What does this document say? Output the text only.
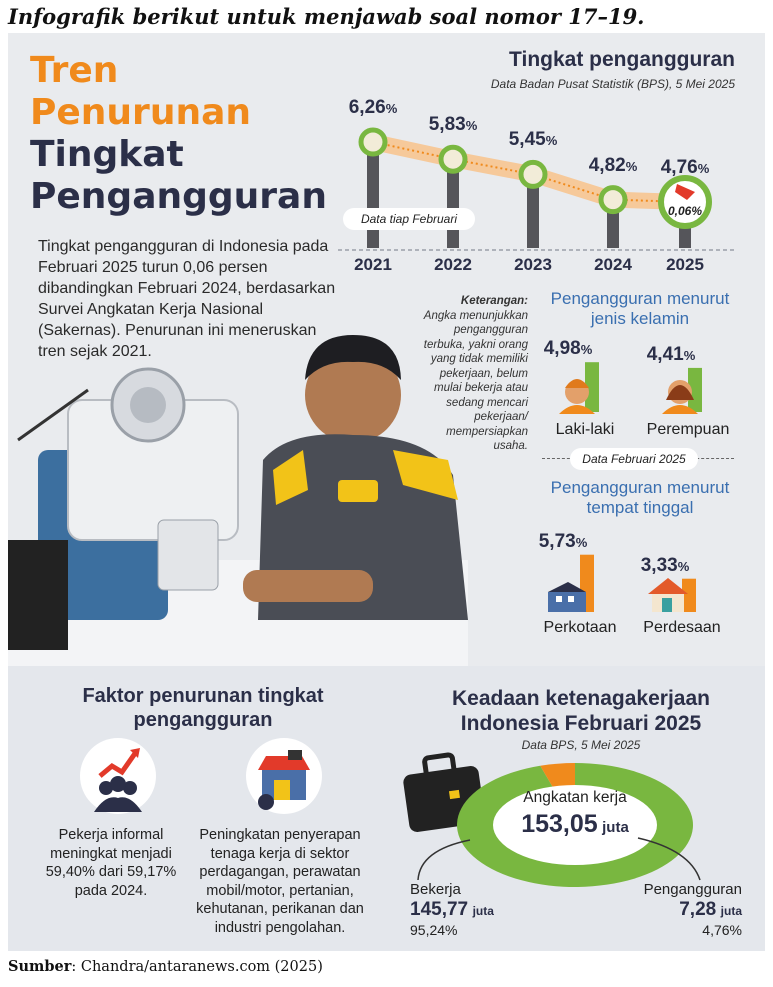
Infografik berikut untuk menjawab soal nomor 17–19.
Tren
Penurunan
Tingkat
Pengangguran
Tingkat pengangguran di Indonesia pada Februari 2025 turun 0,06 persen dibandingkan Februari 2024, berdasarkan Survei Angkatan Kerja Nasional (Sakernas). Penurunan ini meneruskan tren sejak 2021.
Tingkat pengangguran
Data Badan Pusat Statistik (BPS), 5 Mei 2025
Data tiap Februari
6,26%
2021
5,83%
2022
5,45%
2023
4,82%
2024
4,76%
2025
0,06%
Keterangan:
Angka menunjukkan pengangguran terbuka, yakni orang yang tidak memiliki pekerjaan, belum mulai bekerja atau sedang mencari pekerjaan/ mempersiapkan usaha.
Pengangguran menurut
jenis kelamin
4,98%
Laki-laki
4,41%
Perempuan
Data Februari 2025
Pengangguran menurut
tempat tinggal
5,73%
Perkotaan
3,33%
Perdesaan
Faktor penurunan tingkat
pengangguran
Pekerja informal meningkat menjadi 59,40% dari 59,17% pada 2024.
Peningkatan penyerapan tenaga kerja di sektor perdagangan, perawatan mobil/motor, pertanian, kehutanan, perikanan dan industri pengolahan.
Keadaan ketenagakerjaan
Indonesia Februari 2025
Data BPS, 5 Mei 2025
Angkatan kerja
153,05 juta
Bekerja
145,77 juta
95,24%
Pengangguran
7,28 juta
4,76%
Sumber: Chandra/antaranews.com (2025)
